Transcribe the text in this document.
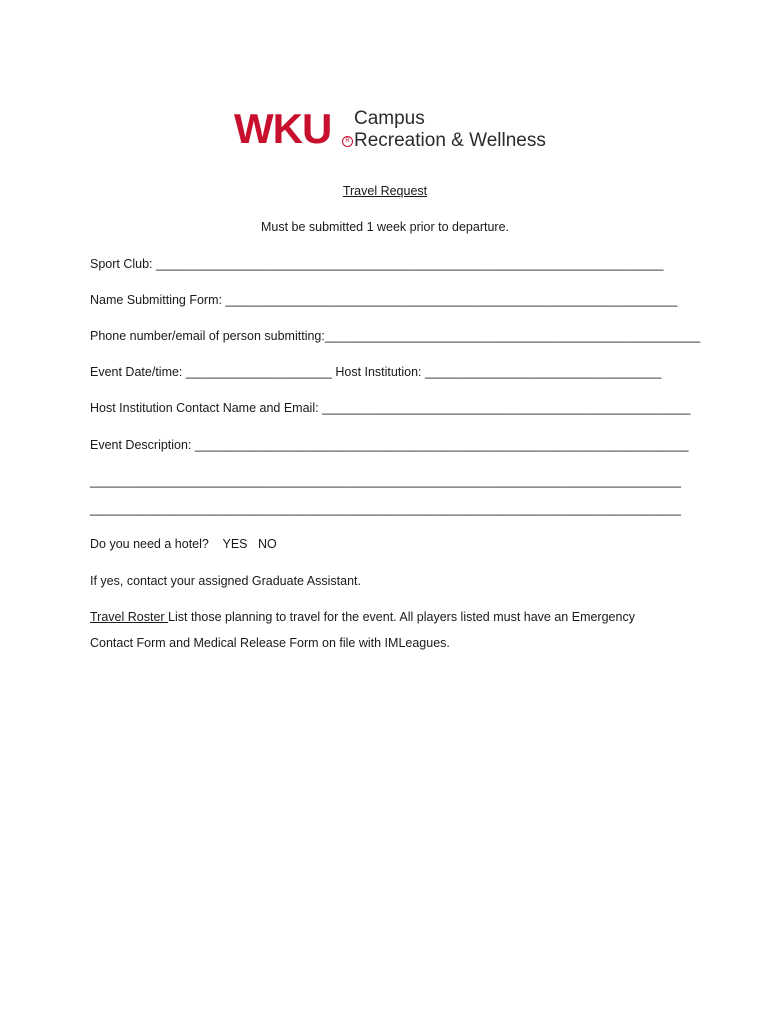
WKU	R
Campus
Recreation & Wellness
Travel Request
Must be submitted 1 week prior to departure.
Sport Club: _________________________________________________________________________
Name Submitting Form: _________________________________________________________________
Phone number/email of person submitting:______________________________________________________
Event Date/time: _____________________ Host Institution: __________________________________
Host Institution Contact Name and Email: _____________________________________________________
Event Description: _______________________________________________________________________
_____________________________________________________________________________________
_____________________________________________________________________________________
Do you need a hotel?    YES   NO
If yes, contact your assigned Graduate Assistant.
Travel Roster List those planning to travel for the event. All players listed must have an Emergency
Contact Form and Medical Release Form on file with IMLeagues.
